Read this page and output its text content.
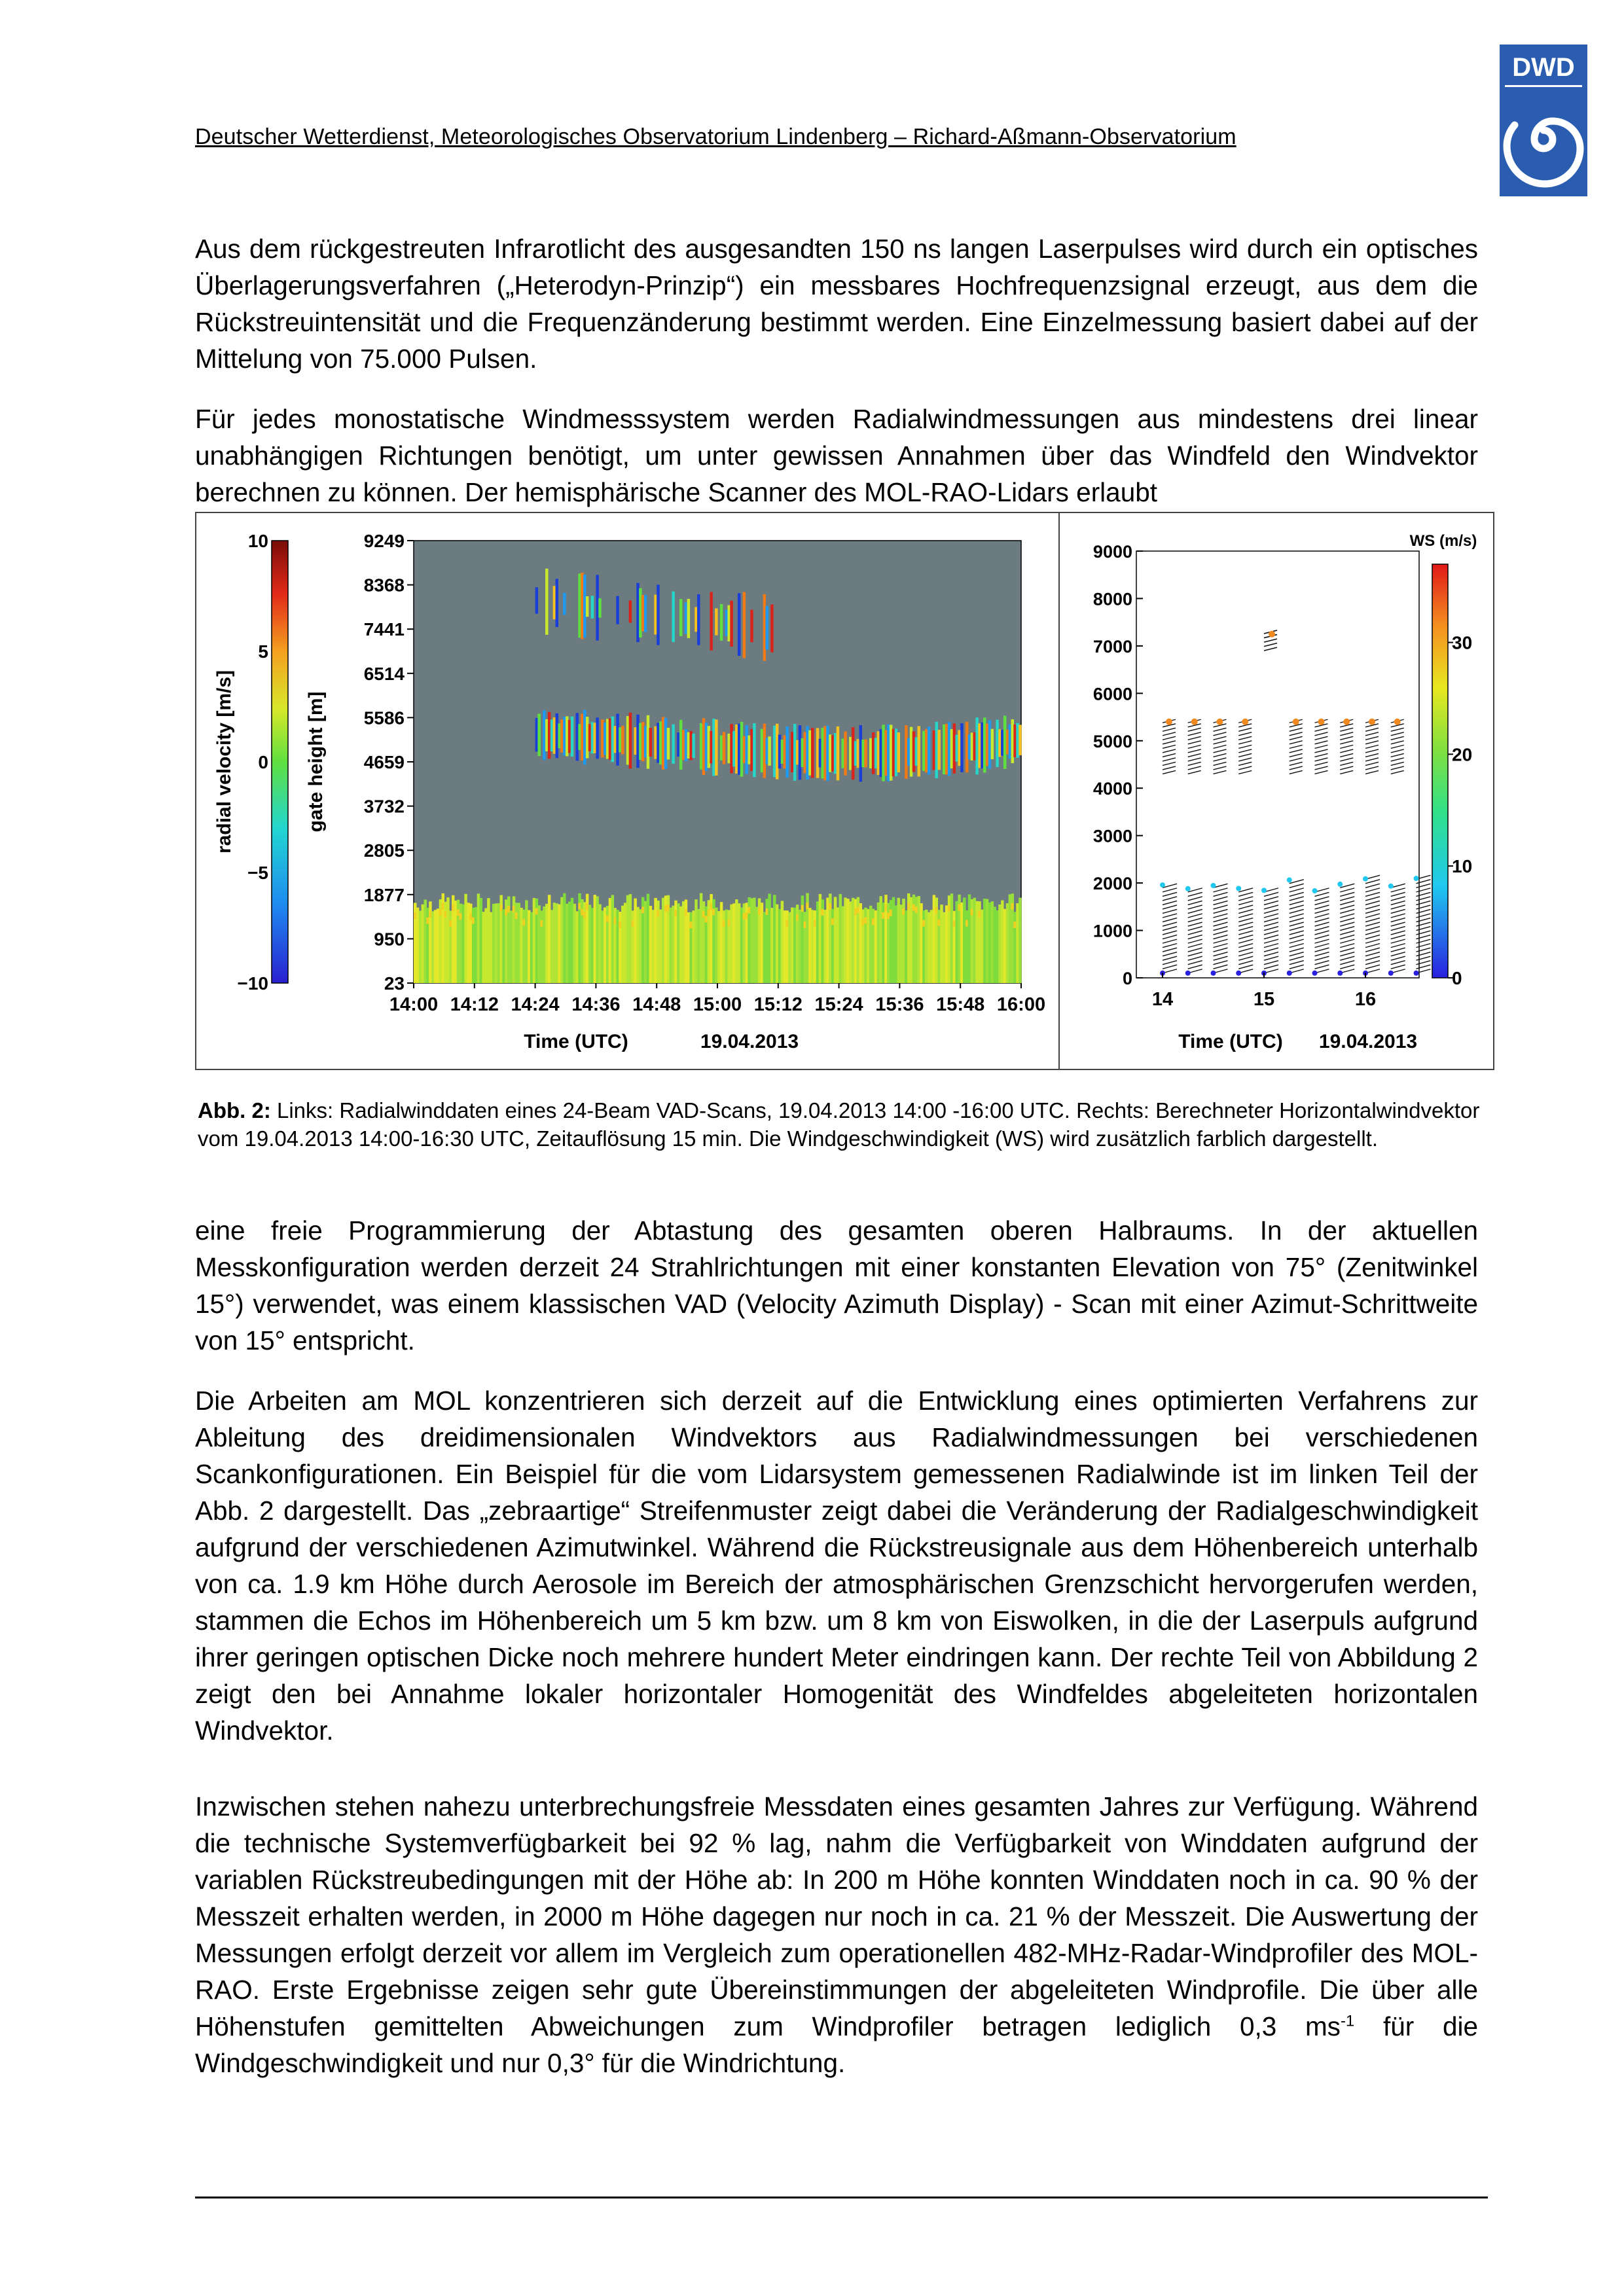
Deutscher Wetterdienst, Meteorologisches Observatorium Lindenberg – Richard-Aßmann-Observatorium
DWD
Aus dem rückgestreuten Infrarotlicht des ausgesandten 150 ns langen Laserpulses wird durch ein optisches Überlagerungsverfahren („Heterodyn-Prinzip“) ein messbares Hochfrequenzsignal erzeugt, aus dem die Rückstreuintensität und die Frequenzänderung bestimmt werden. Eine Einzelmessung basiert dabei auf der Mittelung von 75.000 Pulsen.
Für jedes monostatische Windmesssystem werden Radialwindmessungen aus mindestens drei linear unabhängigen Richtungen benötigt, um unter gewissen Annahmen über das Windfeld den Windvektor berechnen zu können. Der hemisphärische Scanner des MOL-RAO-Lidars erlaubt
10
5
0
−5
−10
radial velocity [m/s]	gate height [m]
9249
8368
7441
6514
5586
4659
3732
2805
1877
950
23
14:00 14:12 14:24 14:36 14:48 15:00 15:12 15:24 15:36 15:48 16:00
Time (UTC)	19.04.2013
9000
8000
7000
6000
5000
4000
3000
2000
1000
0
14	15	16
WS (m/s)
30
20
10
0
Time (UTC) 19.04.2013
Abb. 2: Links: Radialwinddaten eines 24-Beam VAD-Scans, 19.04.2013 14:00 -16:00 UTC. Rechts: Berechneter Horizontalwindvektor vom 19.04.2013 14:00-16:30 UTC, Zeitauflösung 15 min. Die Windgeschwindigkeit (WS) wird zusätzlich farblich dargestellt.
eine freie Programmierung der Abtastung des gesamten oberen Halbraums. In der aktuellen Messkonfiguration werden derzeit 24 Strahlrichtungen mit einer konstanten Elevation von 75° (Zenitwinkel 15°) verwendet, was einem klassischen VAD (Velocity Azimuth Display) - Scan mit einer Azimut-Schrittweite von 15° entspricht.
Die Arbeiten am MOL konzentrieren sich derzeit auf die Entwicklung eines optimierten Verfahrens zur Ableitung des dreidimensionalen Windvektors aus Radialwindmessungen bei verschiedenen Scankonfigurationen. Ein Beispiel für die vom Lidarsystem gemessenen Radialwinde ist im linken Teil der Abb. 2 dargestellt. Das „zebraartige“ Streifenmuster zeigt dabei die Veränderung der Radialgeschwindigkeit aufgrund der verschiedenen Azimutwinkel. Während die Rückstreusignale aus dem Höhenbereich unterhalb von ca. 1.9 km Höhe durch Aerosole im Bereich der atmosphärischen Grenzschicht hervorgerufen werden, stammen die Echos im Höhenbereich um 5 km bzw. um 8 km von Eiswolken, in die der Laserpuls aufgrund ihrer geringen optischen Dicke noch mehrere hundert Meter eindringen kann. Der rechte Teil von Abbildung 2 zeigt den bei Annahme lokaler horizontaler Homogenität des Windfeldes abgeleiteten horizontalen Windvektor.
Inzwischen stehen nahezu unterbrechungsfreie Messdaten eines gesamten Jahres zur Verfügung. Während die technische Systemverfügbarkeit bei 92 % lag, nahm die Verfügbarkeit von Winddaten aufgrund der variablen Rückstreubedingungen mit der Höhe ab: In 200 m Höhe konnten Winddaten noch in ca. 90 % der Messzeit erhalten werden, in 2000 m Höhe dagegen nur noch in ca. 21 % der Messzeit. Die Auswertung der Messungen erfolgt derzeit vor allem im Vergleich zum operationellen 482-MHz-Radar-Windprofiler des MOL-RAO. Erste Ergebnisse zeigen sehr gute Übereinstimmungen der abgeleiteten Windprofile. Die über alle Höhenstufen gemittelten Abweichungen zum Windprofiler betragen lediglich 0,3 $ms^{-1}$ für die Windgeschwindigkeit und nur 0,3° für die Windrichtung.
